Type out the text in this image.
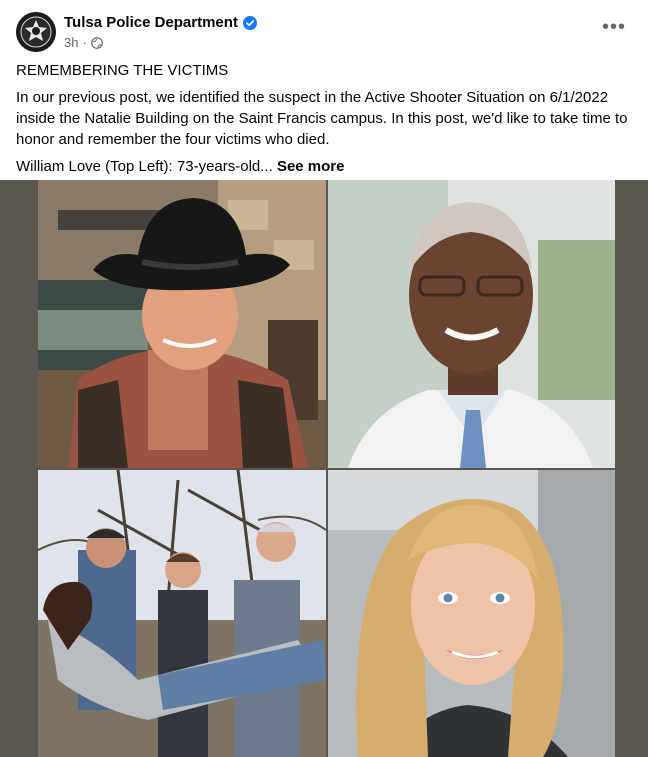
Tulsa Police Department
3h ·
•••

REMEMBERING THE VICTIMS

In our previous post, we identified the suspect in the Active Shooter Situation on 6/1/2022 inside the Natalie Building on the Saint Francis campus. In this post, we'd like to take time to honor and remember the four victims who died.

William Love (Top Left): 73-years-old... See more
